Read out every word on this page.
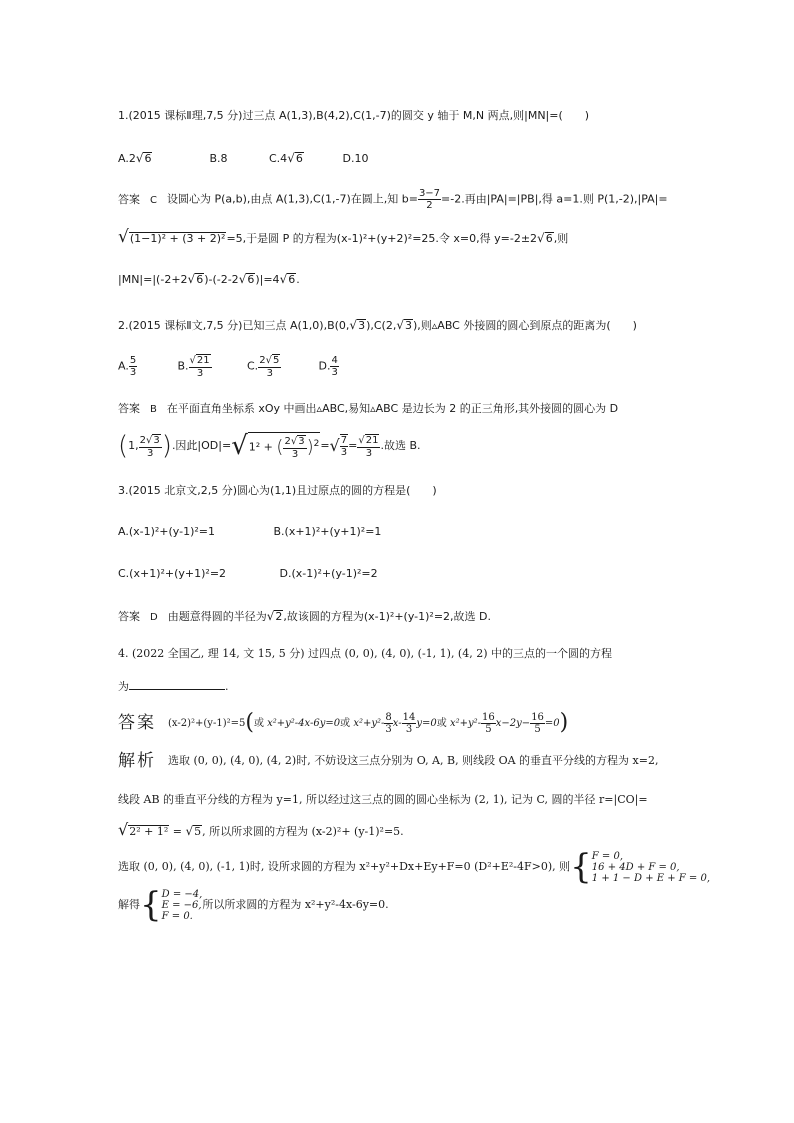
1.(2015 课标Ⅱ理,7,5 分)过三点 A(1,3),B(4,2),C(1,-7)的圆交 y 轴于 M,N 两点,则|MN|=(　　)
A.2√6	B.8	C.4√6	D.10
答案 C 设圆心为 P(a,b),由点 A(1,3),C(1,-7)在圆上,知 $b= \frac{3-7}{2} =-2$.再由|PA|=|PB|,得 a=1.则 P(1,-2),|PA|=
√(1−1)² + (3 + 2)²=5,于是圆 P 的方程为(x-1)²+(y+2)²=25.令 x=0,得 y=-2±2√6,则
|MN|=|(-2+2√6)-(-2-2√6)|=4√6.
2.(2015 课标Ⅱ文,7,5 分)已知三点 A(1,0),B(0,√3),C(2,√3),则▵ABC 外接圆的圆心到原点的距离为(　　)
A. $\frac{5}{3}$	B. $\frac{√21}{3}$	C. $\frac{2√5}{3}$	D. $\frac{4}{3}$
答案 B 在平面直角坐标系 xOy 中画出▵ABC,易知▵ABC 是边长为 2 的正三角形,其外接圆的圆心为 D
(1, $\frac{2√3}{3}$ ).因此|OD|=√1² + ( $\frac{2√3}{3} )^2=√ \frac{7}{3} = \frac{√21}{3}$ .故选 B.
3.(2015 北京文,2,5 分)圆心为(1,1)且过原点的圆的方程是(　　)
A.(x-1)²+(y-1)²=1	B.(x+1)²+(y+1)²=1
C.(x+1)²+(y+1)²=2	D.(x-1)²+(y-1)²=2
答案 D 由题意得圆的半径为√2,故该圆的方程为(x-1)²+(y-1)²=2,故选 D.
4. (2022 全国乙, 理 14, 文 15, 5 分) 过四点 (0, 0), (4, 0), (-1, 1), (4, 2) 中的三点的一个圆的方程
为	.
答案 (x-2)²+(y-1)²=5(或 x²+y²-4x-6y=0或 $x^2+y^2- \frac{8}{3} x- \frac{14}{3} y=0$或 $x^2+y^2- \frac{16}{5} x-2y- \frac{16}{5} =0$)
解析 选取 (0, 0), (4, 0), (4, 2)时, 不妨设这三点分别为 O, A, B, 则线段 OA 的垂直平分线的方程为 x=2,
线段 AB 的垂直平分线的方程为 y=1, 所以经过这三点的圆的圆心坐标为 (2, 1), 记为 C, 圆的半径 r=|CO|=
√2² + 1² = √5, 所以所求圆的方程为 (x-2)²+ (y-1)²=5.
选取 (0, 0), (4, 0), (-1, 1)时, 设所求圆的方程为 x²+y²+Dx+Ey+F=0 (D²+E²-4F>0), 则{ F = 0,
16 + 4D + F = 0,
1 + 1 − D + E + F = 0,
解得{ D = −4,
E = −6,
F = 0.
所以所求圆的方程为 x²+y²-4x-6y=0.
